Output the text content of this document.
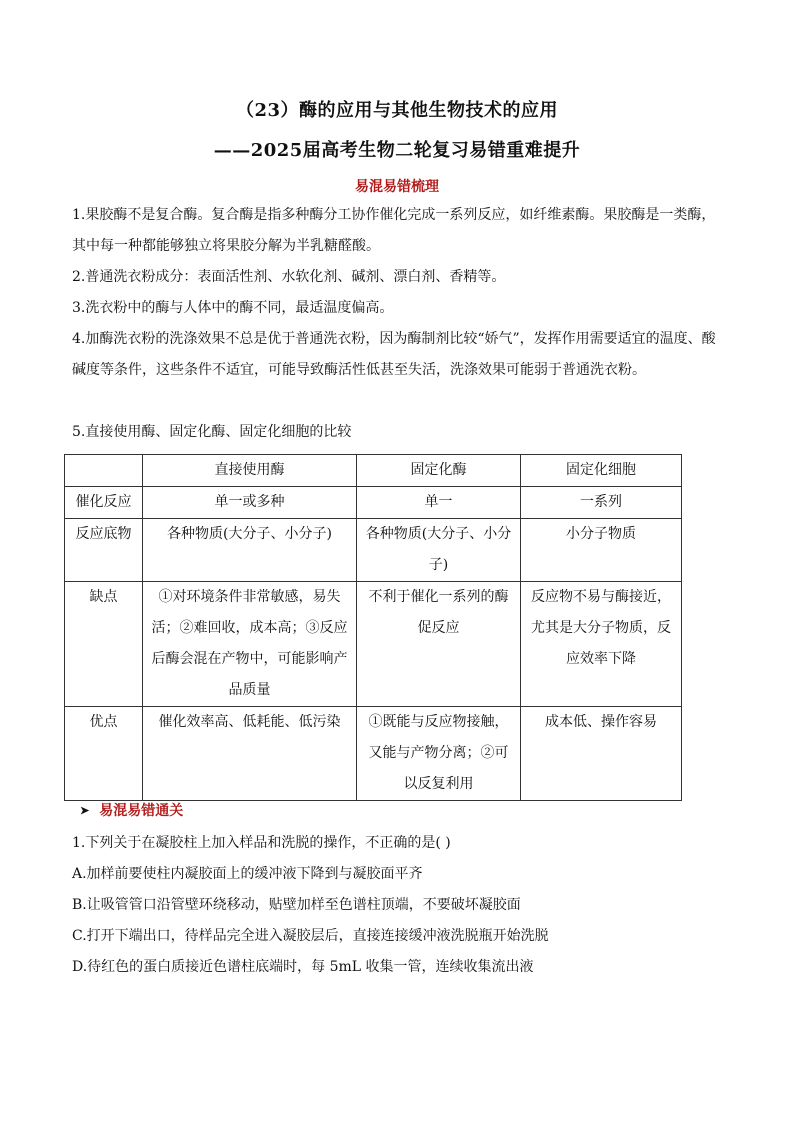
（23）酶的应用与其他生物技术的应用
——2025届高考生物二轮复习易错重难提升
易混易错梳理
1.果胶酶不是复合酶。复合酶是指多种酶分工协作催化完成一系列反应，如纤维素酶。果胶酶是一类酶，其中每一种都能够独立将果胶分解为半乳糖醛酸。
2.普通洗衣粉成分：表面活性剂、水软化剂、碱剂、漂白剂、香精等。
3.洗衣粉中的酶与人体中的酶不同，最适温度偏高。
4.加酶洗衣粉的洗涤效果不总是优于普通洗衣粉，因为酶制剂比较“娇气”，发挥作用需要适宜的温度、酸碱度等条件，这些条件不适宜，可能导致酶活性低甚至失活，洗涤效果可能弱于普通洗衣粉。
5.直接使用酶、固定化酶、固定化细胞的比较
	直接使用酶	固定化酶	固定化细胞
催化反应	单一或多种	单一	一系列
反应底物	各种物质(大分子、小分子)	各种物质(大分子、小分子)	小分子物质
缺点	①对环境条件非常敏感，易失活；②难回收，成本高；③反应后酶会混在产物中，可能影响产品质量	不利于催化一系列的酶促反应	反应物不易与酶接近，尤其是大分子物质，反应效率下降
优点	催化效率高、低耗能、低污染	①既能与反应物接触，又能与产物分离；②可以反复利用	成本低、操作容易
➤ 易混易错通关
1.下列关于在凝胶柱上加入样品和洗脱的操作，不正确的是( )
A.加样前要使柱内凝胶面上的缓冲液下降到与凝胶面平齐
B.让吸管管口沿管壁环绕移动，贴壁加样至色谱柱顶端，不要破坏凝胶面
C.打开下端出口，待样品完全进入凝胶层后，直接连接缓冲液洗脱瓶开始洗脱
D.待红色的蛋白质接近色谱柱底端时，每 5mL 收集一管，连续收集流出液
